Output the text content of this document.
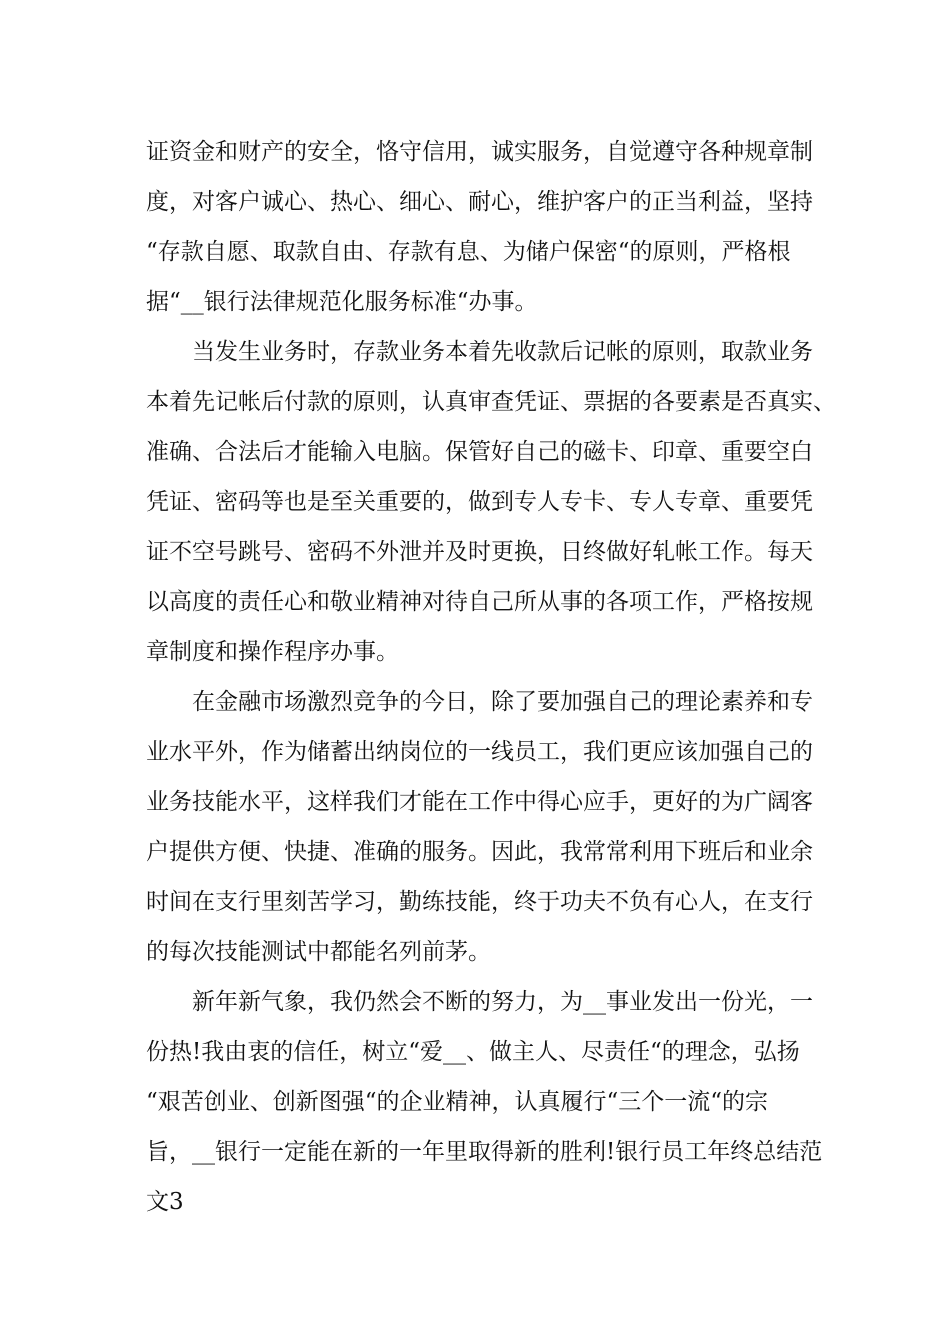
证资金和财产的安全，恪守信用，诚实服务，自觉遵守各种规章制
度，对客户诚心、热心、细心、耐心，维护客户的正当利益，坚持
“存款自愿、取款自由、存款有息、为储户保密“的原则，严格根
据“__银行法律规范化服务标准“办事。
当发生业务时，存款业务本着先收款后记帐的原则，取款业务
本着先记帐后付款的原则，认真审查凭证、票据的各要素是否真实、
准确、合法后才能输入电脑。保管好自己的磁卡、印章、重要空白
凭证、密码等也是至关重要的，做到专人专卡、专人专章、重要凭
证不空号跳号、密码不外泄并及时更换，日终做好轧帐工作。每天
以高度的责任心和敬业精神对待自己所从事的各项工作，严格按规
章制度和操作程序办事。
在金融市场激烈竞争的今日，除了要加强自己的理论素养和专
业水平外，作为储蓄出纳岗位的一线员工，我们更应该加强自己的
业务技能水平，这样我们才能在工作中得心应手，更好的为广阔客
户提供方便、快捷、准确的服务。因此，我常常利用下班后和业余
时间在支行里刻苦学习，勤练技能，终于功夫不负有心人，在支行
的每次技能测试中都能名列前茅。
新年新气象，我仍然会不断的努力，为__事业发出一份光，一
份热!我由衷的信任，树立“爱__、做主人、尽责任“的理念，弘扬
“艰苦创业、创新图强“的企业精神，认真履行“三个一流“的宗
旨，__银行一定能在新的一年里取得新的胜利!银行员工年终总结范
文3
